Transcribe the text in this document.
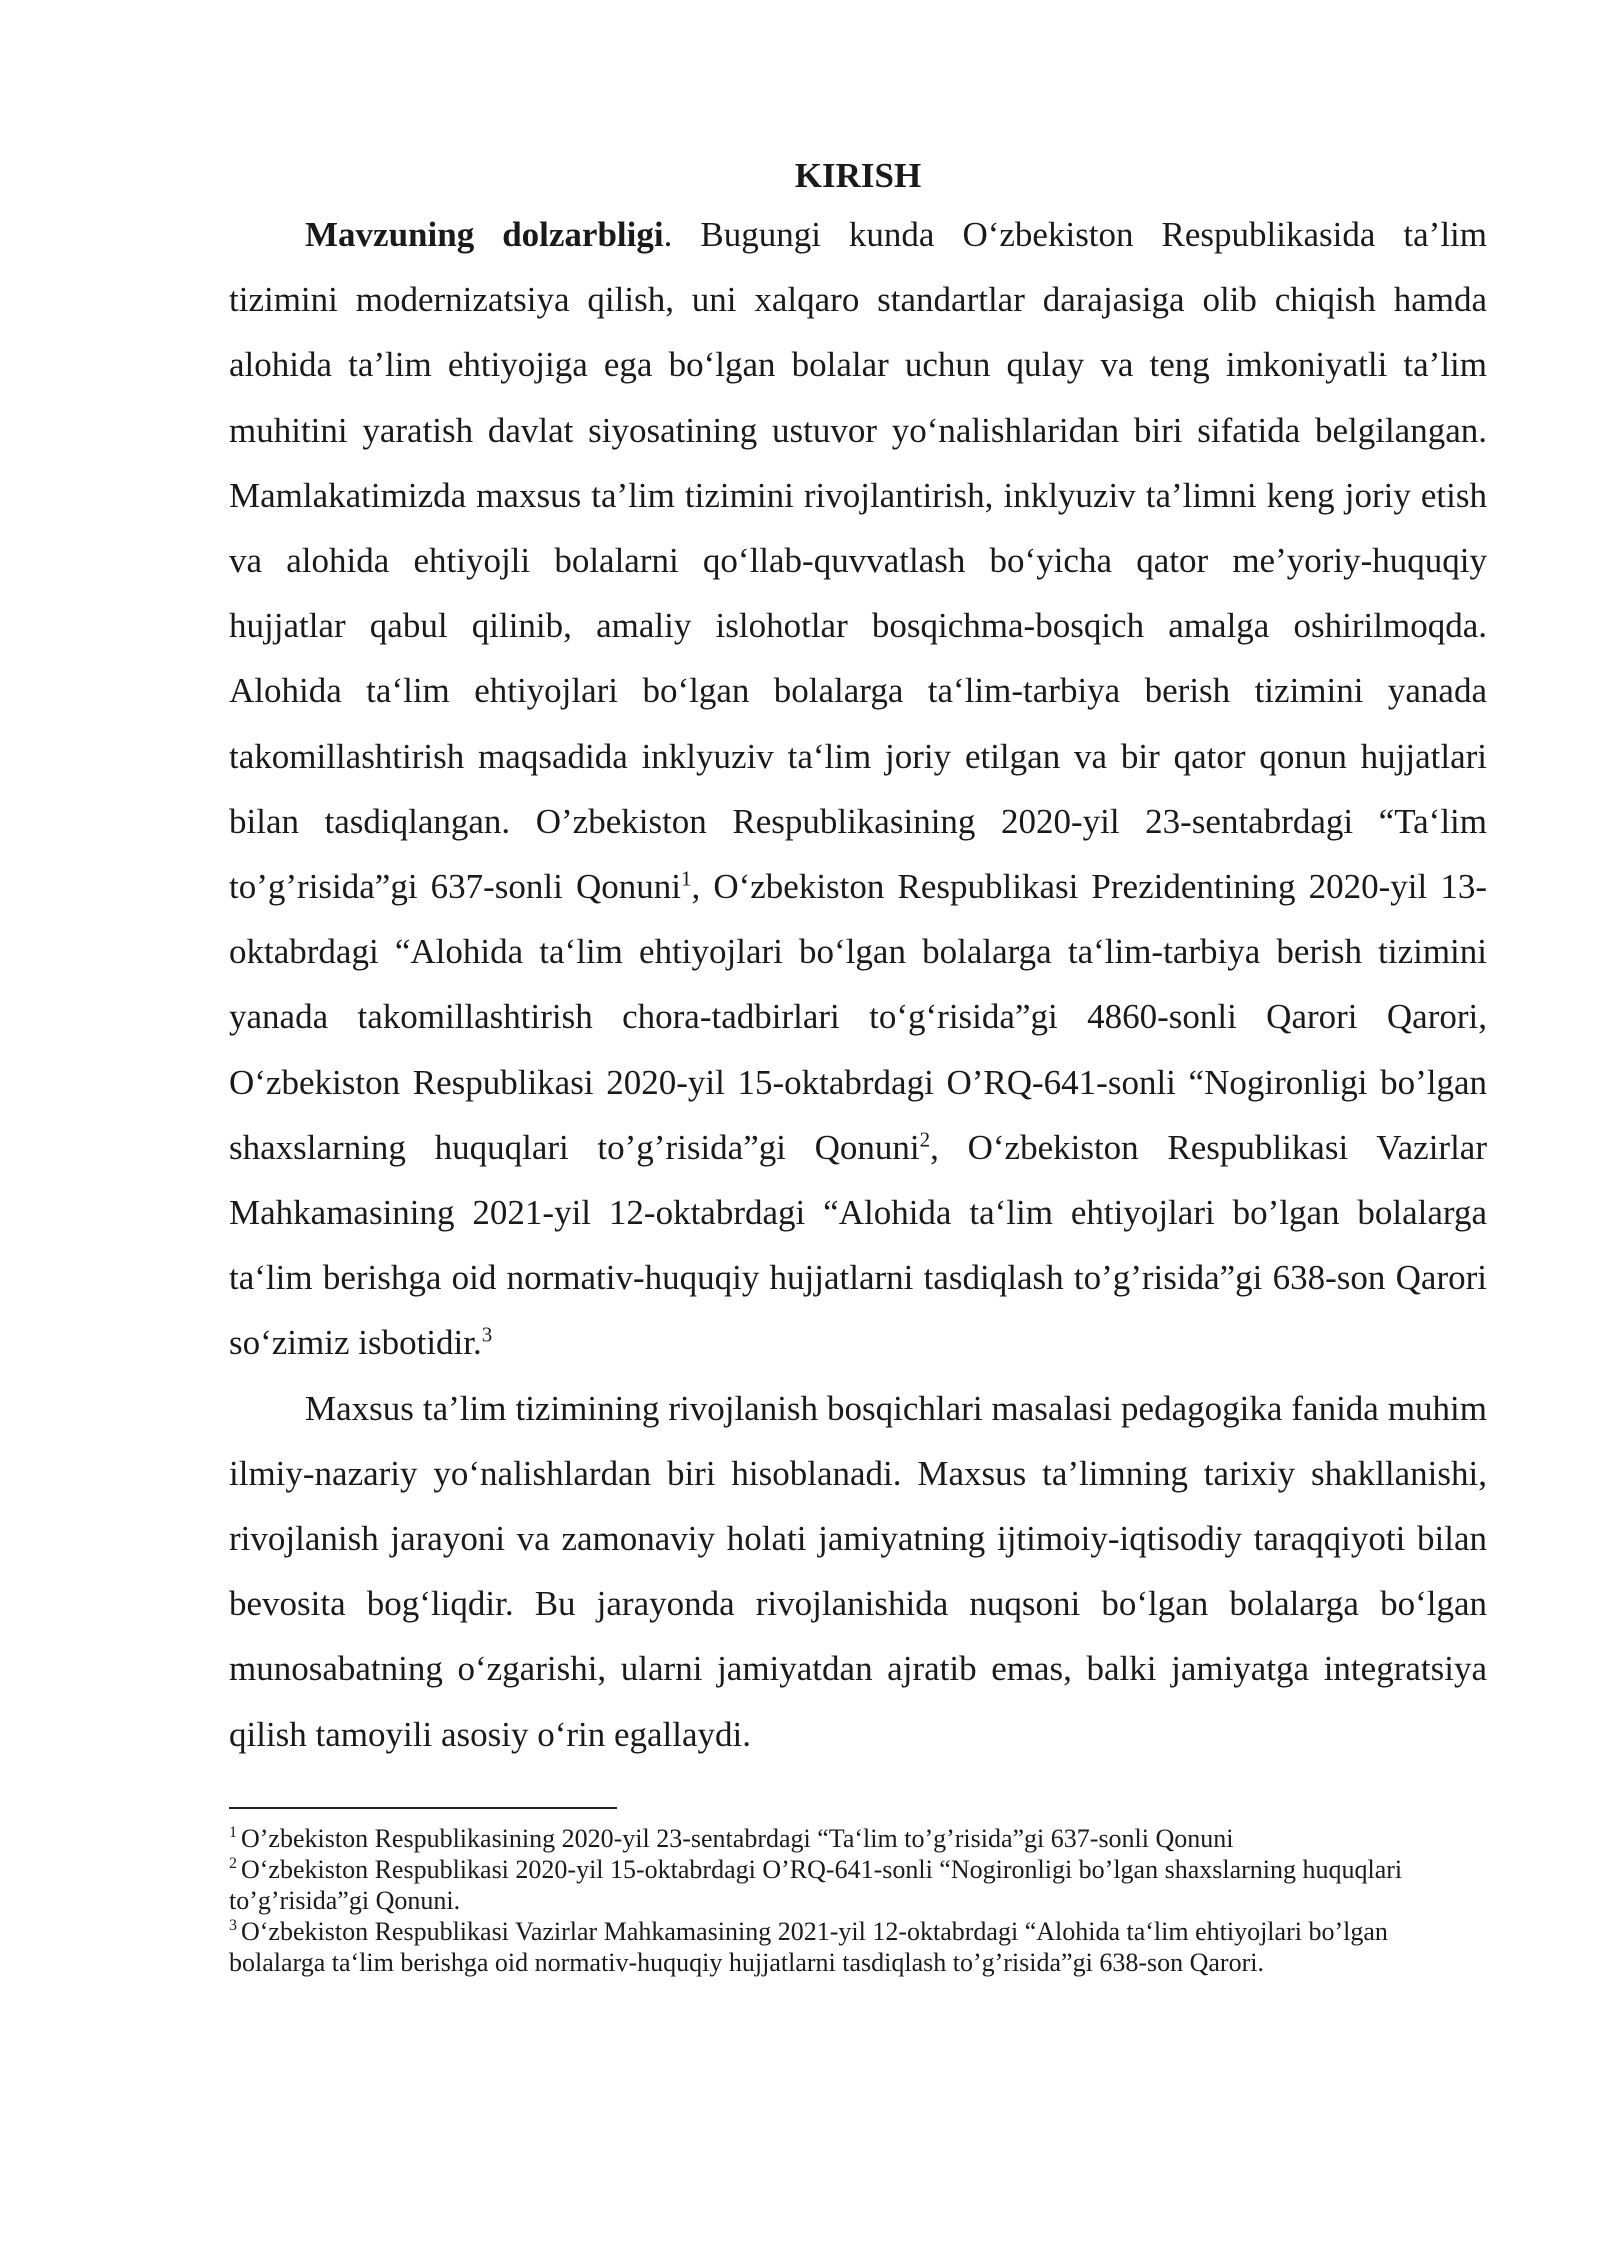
KIRISH

Mavzuning dolzarbligi. Bugungi kunda O‘zbekiston Respublikasida ta’lim tizimini modernizatsiya qilish, uni xalqaro standartlar darajasiga olib chiqish hamda alohida ta’lim ehtiyojiga ega bo‘lgan bolalar uchun qulay va teng imkoniyatli ta’lim muhitini yaratish davlat siyosatining ustuvor yo‘nalishlaridan biri sifatida belgilangan. Mamlakatimizda maxsus ta’lim tizimini rivojlantirish, inklyuziv ta’limni keng joriy etish va alohida ehtiyojli bolalarni qo‘llab-quvvatlash bo‘yicha qator me’yoriy-huquqiy hujjatlar qabul qilinib, amaliy islohotlar bosqichma-bosqich amalga oshirilmoqda. Alohida ta‘lim ehtiyojlari bo‘lgan bolalarga ta‘lim-tarbiya berish tizimini yanada takomillashtirish maqsadida inklyuziv ta‘lim joriy etilgan va bir qator qonun hujjatlari bilan tasdiqlangan. O’zbekiston Respublikasining 2020-yil 23-sentabrdagi “Ta‘lim to’g’risida”gi 637-sonli Qonuni$^1$, O‘zbekiston Respublikasi Prezidentining 2020-yil 13-oktabrdagi “Alohida ta‘lim ehtiyojlari bo‘lgan bolalarga ta‘lim-tarbiya berish tizimini yanada takomillashtirish chora-tadbirlari to‘g‘risida”gi 4860-sonli Qarori Qarori, O‘zbekiston Respublikasi 2020-yil 15-oktabrdagi O’RQ-641-sonli “Nogironligi bo’lgan shaxslarning huquqlari to’g’risida”gi Qonuni$^2$, O‘zbekiston Respublikasi Vazirlar Mahkamasining 2021-yil 12-oktabrdagi “Alohida ta‘lim ehtiyojlari bo’lgan bolalarga ta‘lim berishga oid normativ-huquqiy hujjatlarni tasdiqlash to’g’risida”gi 638-son Qarori so‘zimiz isbotidir.$^3$

Maxsus ta’lim tizimining rivojlanish bosqichlari masalasi pedagogika fanida muhim ilmiy-nazariy yo‘nalishlardan biri hisoblanadi. Maxsus ta’limning tarixiy shakllanishi, rivojlanish jarayoni va zamonaviy holati jamiyatning ijtimoiy-iqtisodiy taraqqiyoti bilan bevosita bog‘liqdir. Bu jarayonda rivojlanishida nuqsoni bo‘lgan bolalarga bo‘lgan munosabatning o‘zgarishi, ularni jamiyatdan ajratib emas, balki jamiyatga integratsiya qilish tamoyili asosiy o‘rin egallaydi.

$^1$ O’zbekiston Respublikasining 2020-yil 23-sentabrdagi “Ta‘lim to’g’risida”gi 637-sonli Qonuni

$^2$ O‘zbekiston Respublikasi 2020-yil 15-oktabrdagi O’RQ-641-sonli “Nogironligi bo’lgan shaxslarning huquqlari to’g’risida”gi Qonuni.

$^3$ O‘zbekiston Respublikasi Vazirlar Mahkamasining 2021-yil 12-oktabrdagi “Alohida ta‘lim ehtiyojlari bo’lgan bolalarga ta‘lim berishga oid normativ-huquqiy hujjatlarni tasdiqlash to’g’risida”gi 638-son Qarori.
